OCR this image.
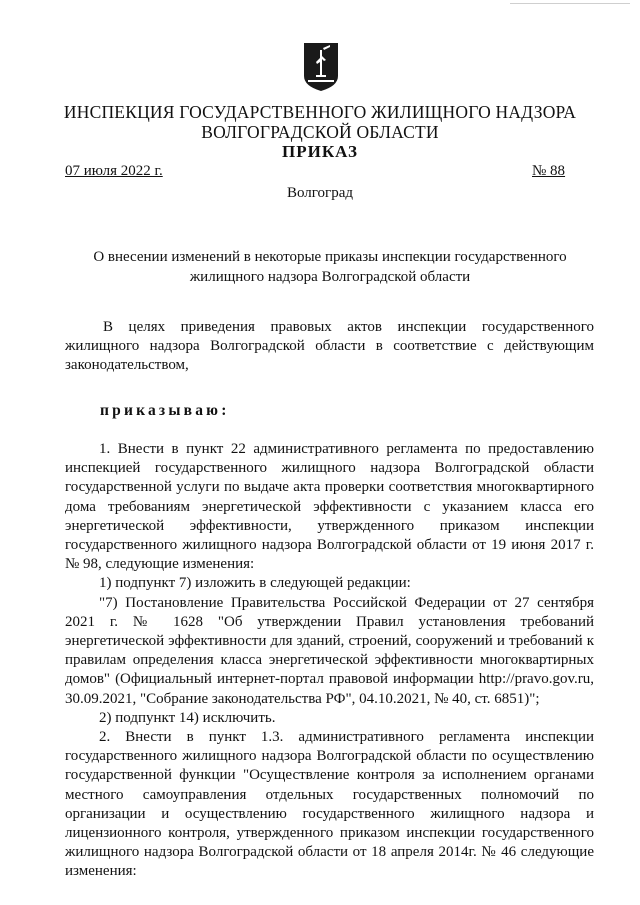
ИНСПЕКЦИЯ ГОСУДАРСТВЕННОГО ЖИЛИЩНОГО НАДЗОРА
ВОЛГОГРАДСКОЙ ОБЛАСТИ
ПРИКАЗ
07 июля 2022 г.	№ 88
Волгоград
О внесении изменений в некоторые приказы инспекции государственного
жилищного надзора Волгоградской области

В целях приведения правовых актов инспекции государственного жилищного надзора Волгоградской области в соответствие с действующим законодательством,

приказываю:

1. Внести в пункт 22 административного регламента по предоставлению инспекцией государственного жилищного надзора Волгоградской области государственной услуги по выдаче акта проверки соответствия многоквартирного дома требованиям энергетической эффективности с указанием класса его энергетической эффективности, утвержденного приказом инспекции государственного жилищного надзора Волгоградской области от 19 июня 2017 г. № 98, следующие изменения:

1) подпункт 7) изложить в следующей редакции:

"7) Постановление Правительства Российской Федерации от 27 сентября 2021 г. № 1628 "Об утверждении Правил установления требований энергетической эффективности для зданий, строений, сооружений и требований к правилам определения класса энергетической эффективности многоквартирных домов" (Официальный интернет-портал правовой информации http://pravo.gov.ru, 30.09.2021, "Собрание законодательства РФ", 04.10.2021, № 40, ст. 6851)";

2) подпункт 14) исключить.

2. Внести в пункт 1.3. административного регламента инспекции государственного жилищного надзора Волгоградской области по осуществлению государственной функции "Осуществление контроля за исполнением органами местного самоуправления отдельных государственных полномочий по организации и осуществлению государственного жилищного надзора и лицензионного контроля, утвержденного приказом инспекции государственного жилищного надзора Волгоградской области от 18 апреля 2014г. № 46 следующие изменения:
